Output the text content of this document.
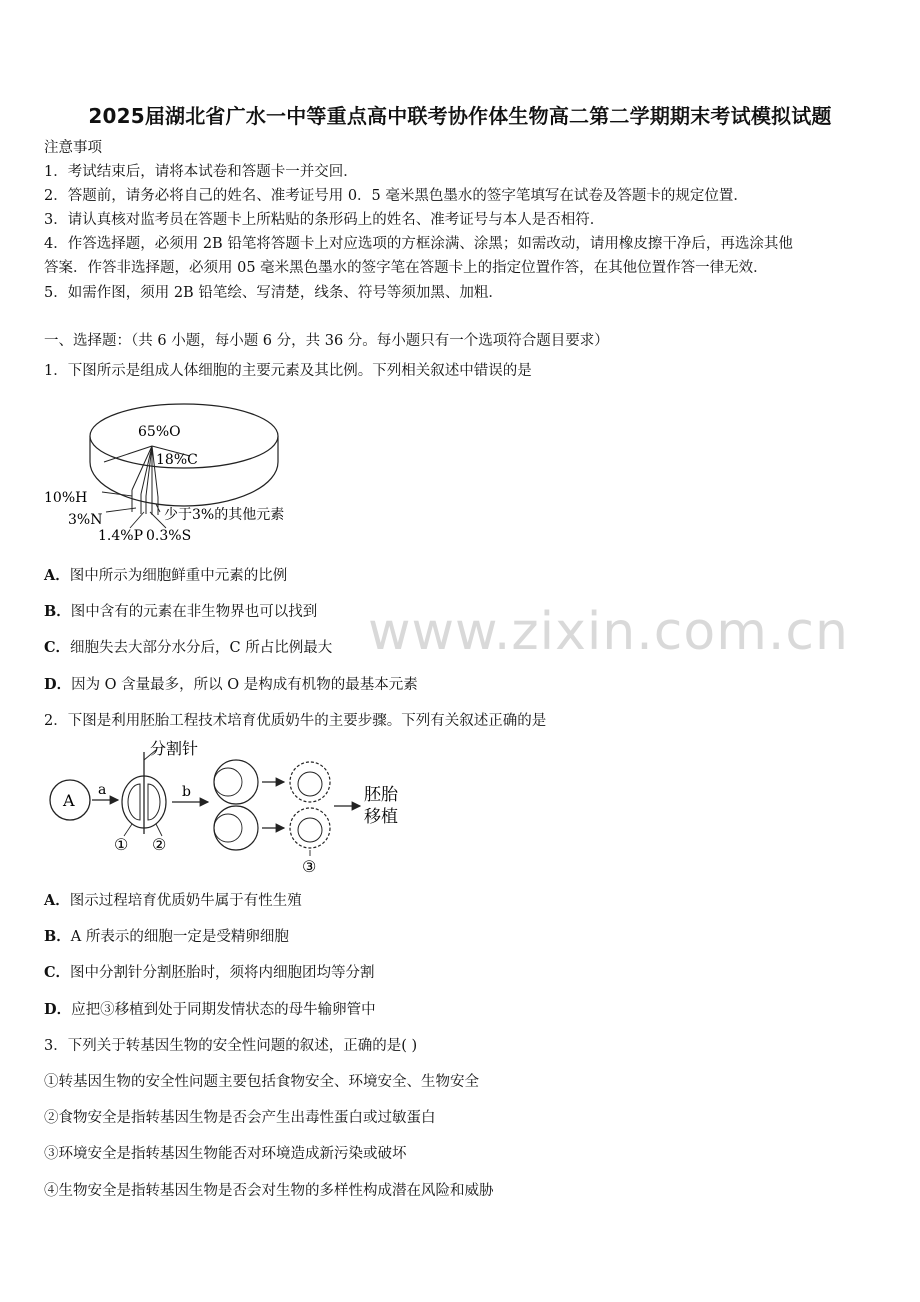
2025届湖北省广水一中等重点高中联考协作体生物高二第二学期期末考试模拟试题
注意事项
1．考试结束后，请将本试卷和答题卡一并交回．
2．答题前，请务必将自己的姓名、准考证号用 0．5 毫米黑色墨水的签字笔填写在试卷及答题卡的规定位置．
3．请认真核对监考员在答题卡上所粘贴的条形码上的姓名、准考证号与本人是否相符．
4．作答选择题，必须用 2B 铅笔将答题卡上对应选项的方框涂满、涂黑；如需改动，请用橡皮擦干净后，再选涂其他
答案．作答非选择题，必须用 05 毫米黑色墨水的签字笔在答题卡上的指定位置作答，在其他位置作答一律无效．
5．如需作图，须用 2B 铅笔绘、写清楚，线条、符号等须加黑、加粗．
一、选择题：（共 6 小题，每小题 6 分，共 36 分。每小题只有一个选项符合题目要求）
1．下图所示是组成人体细胞的主要元素及其比例。下列相关叙述中错误的是
65%O
18%C
10%H
3%N
1.4%P 0.3%S
少于3%的其他元素
A．图中所示为细胞鲜重中元素的比例
B．图中含有的元素在非生物界也可以找到
C．细胞失去大部分水分后，C 所占比例最大
D．因为 O 含量最多，所以 O 是构成有机物的最基本元素
2．下图是利用胚胎工程技术培育优质奶牛的主要步骤。下列有关叙述正确的是
A
a
分割针
① ②
b
③
胚胎
移植
A．图示过程培育优质奶牛属于有性生殖
B．A 所表示的细胞一定是受精卵细胞
C．图中分割针分割胚胎时，须将内细胞团均等分割
D．应把③移植到处于同期发情状态的母牛输卵管中
3．下列关于转基因生物的安全性问题的叙述，正确的是( )
①转基因生物的安全性问题主要包括食物安全、环境安全、生物安全
②食物安全是指转基因生物是否会产生出毒性蛋白或过敏蛋白
③环境安全是指转基因生物能否对环境造成新污染或破坏
④生物安全是指转基因生物是否会对生物的多样性构成潜在风险和威胁
www.zixin.com.cn
